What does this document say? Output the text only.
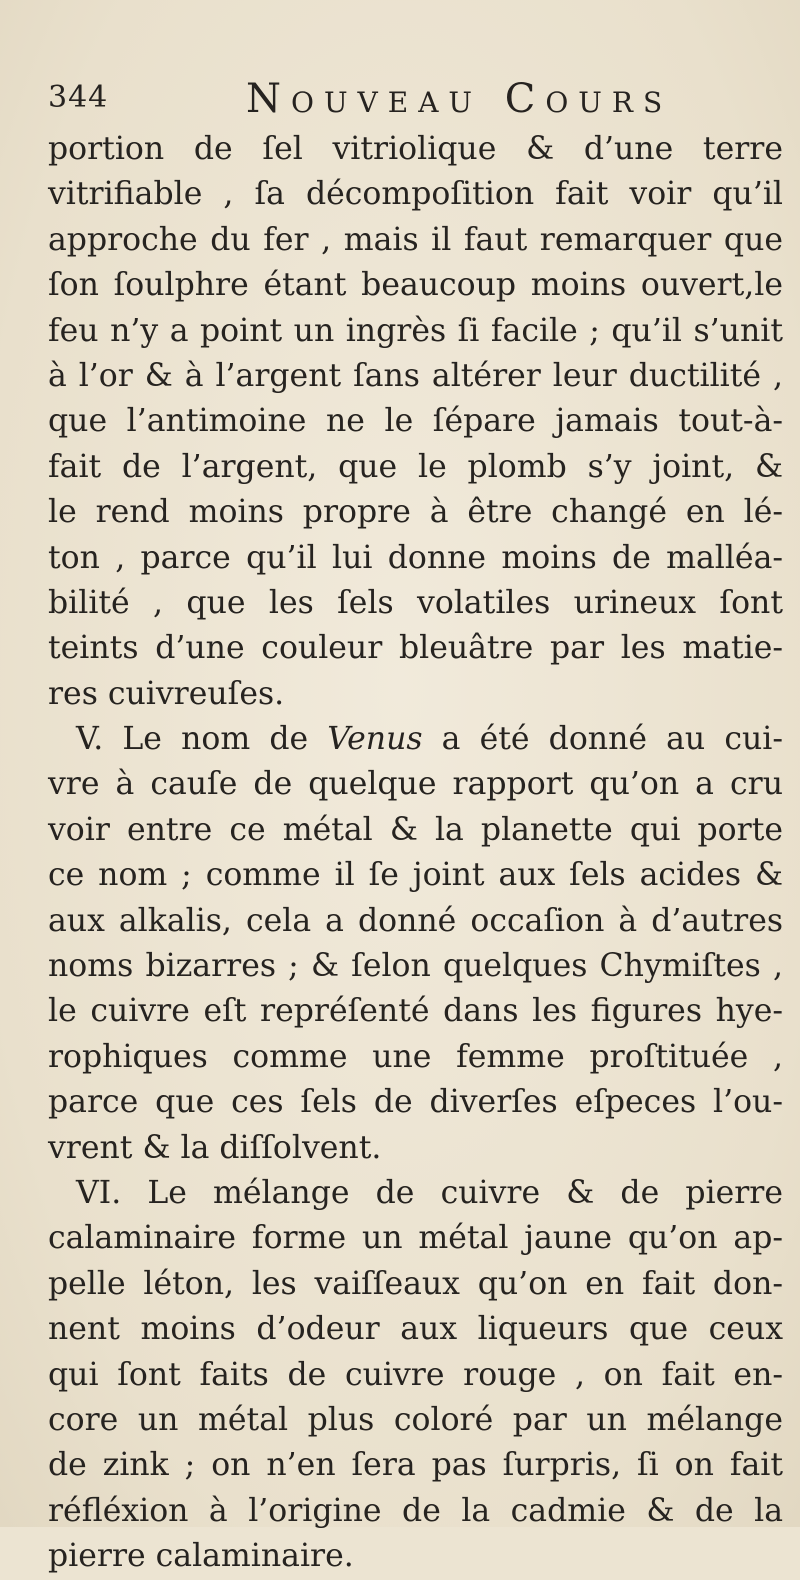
344	Nouveau Cours
portion de ſel vitriolique & d’une terre
vitrifiable , ſa décompoſition fait voir qu’il
approche du fer , mais il faut remarquer que
ſon ſoulphre étant beaucoup moins ouvert,le
feu n’y a point un ingrès ſi facile ; qu’il s’unit
à l’or & à l’argent ſans altérer leur ductilité ,
que l’antimoine ne le ſépare jamais tout-à-
fait de l’argent, que le plomb s’y joint, &
le rend moins propre à être changé en lé-
ton , parce qu’il lui donne moins de malléa-
bilité , que les ſels volatiles urineux ſont
teints d’une couleur bleuâtre par les matie-
res cuivreuſes.
V. Le nom de Venus a été donné au cui-
vre à cauſe de quelque rapport qu’on a cru
voir entre ce métal & la planette qui porte
ce nom ; comme il ſe joint aux ſels acides &
aux alkalis, cela a donné occaſion à d’autres
noms bizarres ; & ſelon quelques Chymiſtes ,
le cuivre eſt repréſenté dans les figures hye-
rophiques comme une femme proſtituée ,
parce que ces ſels de diverſes eſpeces l’ou-
vrent & la diſſolvent.
VI. Le mélange de cuivre & de pierre
calaminaire forme un métal jaune qu’on ap-
pelle léton, les vaiſſeaux qu’on en fait don-
nent moins d’odeur aux liqueurs que ceux
qui ſont faits de cuivre rouge , on fait en-
core un métal plus coloré par un mélange
de zink ; on n’en ſera pas ſurpris, ſi on fait
réfléxion à l’origine de la cadmie & de la
pierre calaminaire.
